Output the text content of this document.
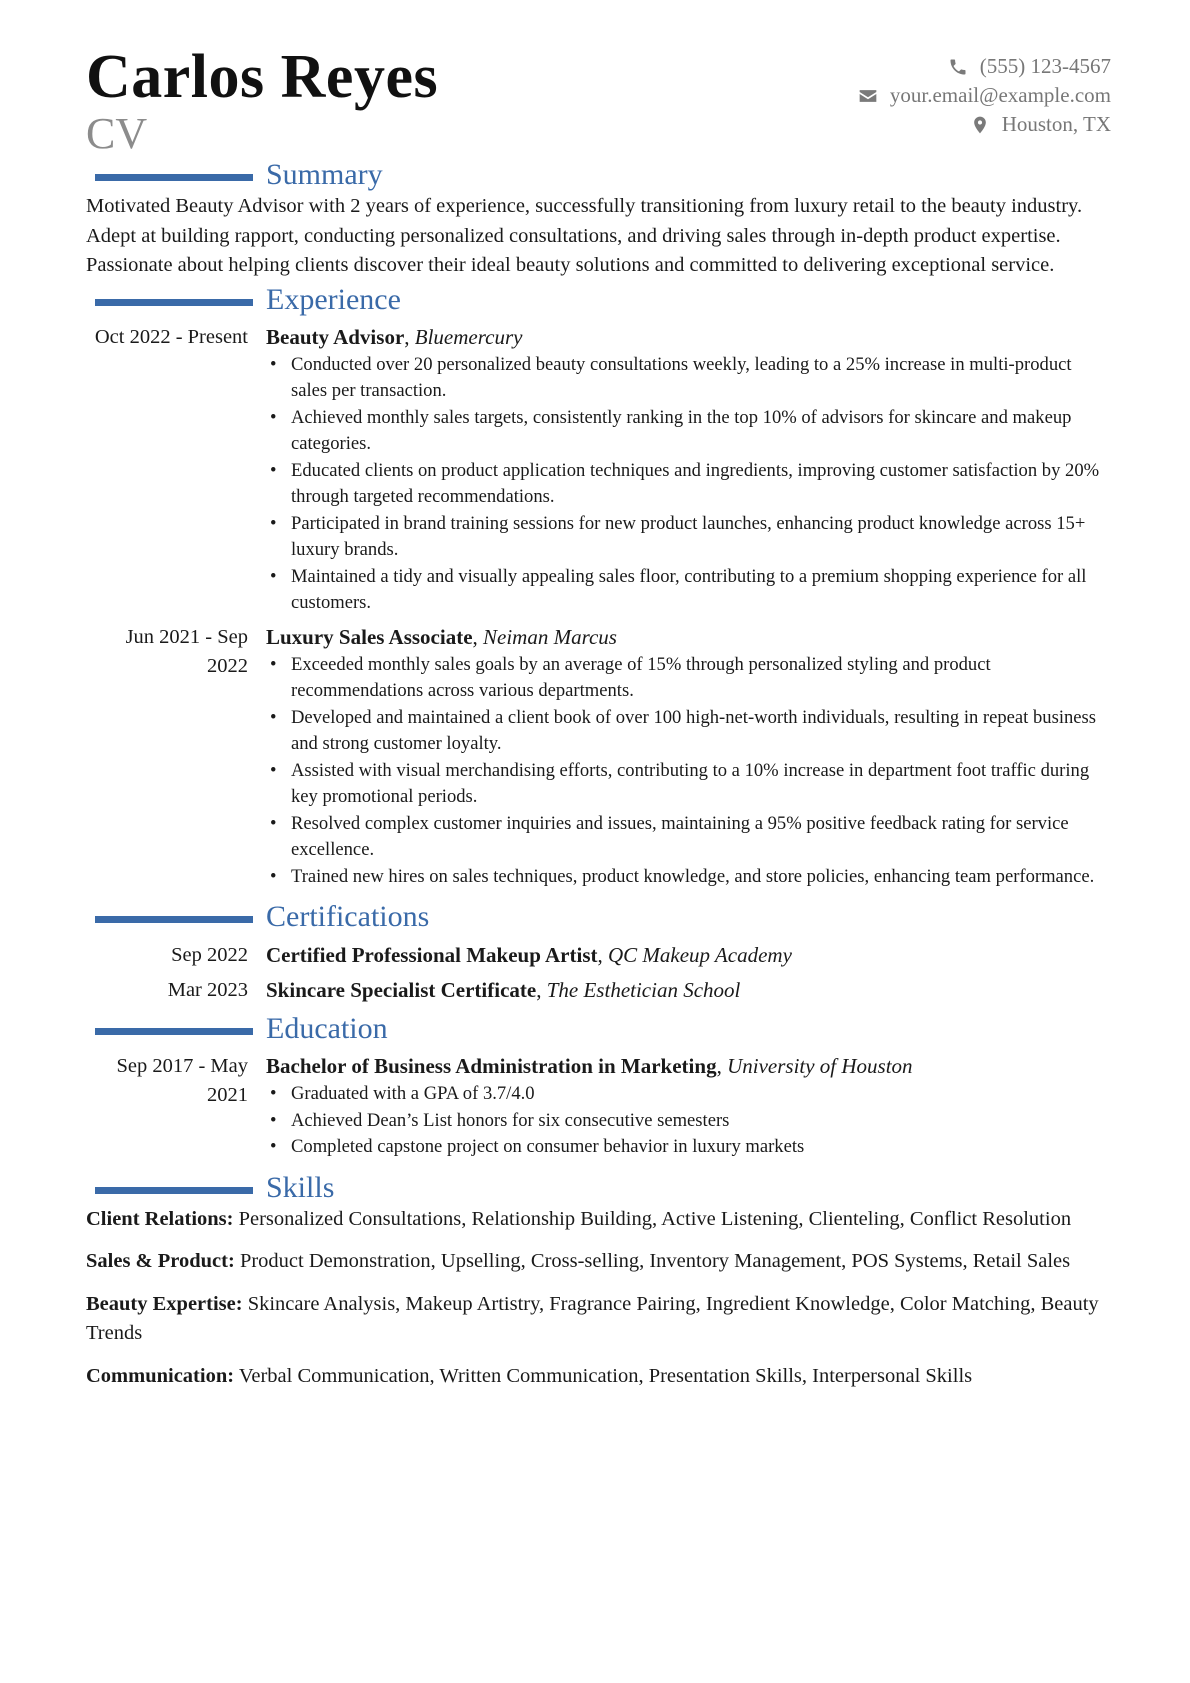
Carlos Reyes
CV
(555) 123-4567
your.email@example.com
Houston, TX
Summary

Motivated Beauty Advisor with 2 years of experience, successfully transitioning from luxury retail to the beauty industry. Adept at building rapport, conducting personalized consultations, and driving sales through in-depth product expertise. Passionate about helping clients discover their ideal beauty solutions and committed to delivering exceptional service.

Experience
Oct 2022 - Present Beauty Advisor, Bluemercury
• Conducted over 20 personalized beauty consultations weekly, leading to a 25% increase in multi-product sales per transaction.
• Achieved monthly sales targets, consistently ranking in the top 10% of advisors for skincare and makeup categories.
• Educated clients on product application techniques and ingredients, improving customer satisfaction by 20% through targeted recommendations.
• Participated in brand training sessions for new product launches, enhancing product knowledge across 15+ luxury brands.
• Maintained a tidy and visually appealing sales floor, contributing to a premium shopping experience for all customers.
Jun 2021 - Sep 2022
Luxury Sales Associate, Neiman Marcus
• Exceeded monthly sales goals by an average of 15% through personalized styling and product recommendations across various departments.
• Developed and maintained a client book of over 100 high-net-worth individuals, resulting in repeat business and strong customer loyalty.
• Assisted with visual merchandising efforts, contributing to a 10% increase in department foot traffic during key promotional periods.
• Resolved complex customer inquiries and issues, maintaining a 95% positive feedback rating for service excellence.
• Trained new hires on sales techniques, product knowledge, and store policies, enhancing team performance.
Certifications
Sep 2022 Certified Professional Makeup Artist, QC Makeup Academy
Mar 2023 Skincare Specialist Certificate, The Esthetician School
Education
Sep 2017 - May 2021
Bachelor of Business Administration in Marketing, University of Houston
• Graduated with a GPA of 3.7/4.0
• Achieved Dean’s List honors for six consecutive semesters
• Completed capstone project on consumer behavior in luxury markets
Skills

Client Relations: Personalized Consultations, Relationship Building, Active Listening, Clienteling, Conflict Resolution

Sales & Product: Product Demonstration, Upselling, Cross-selling, Inventory Management, POS Systems, Retail Sales

Beauty Expertise: Skincare Analysis, Makeup Artistry, Fragrance Pairing, Ingredient Knowledge, Color Matching, Beauty Trends

Communication: Verbal Communication, Written Communication, Presentation Skills, Interpersonal Skills
